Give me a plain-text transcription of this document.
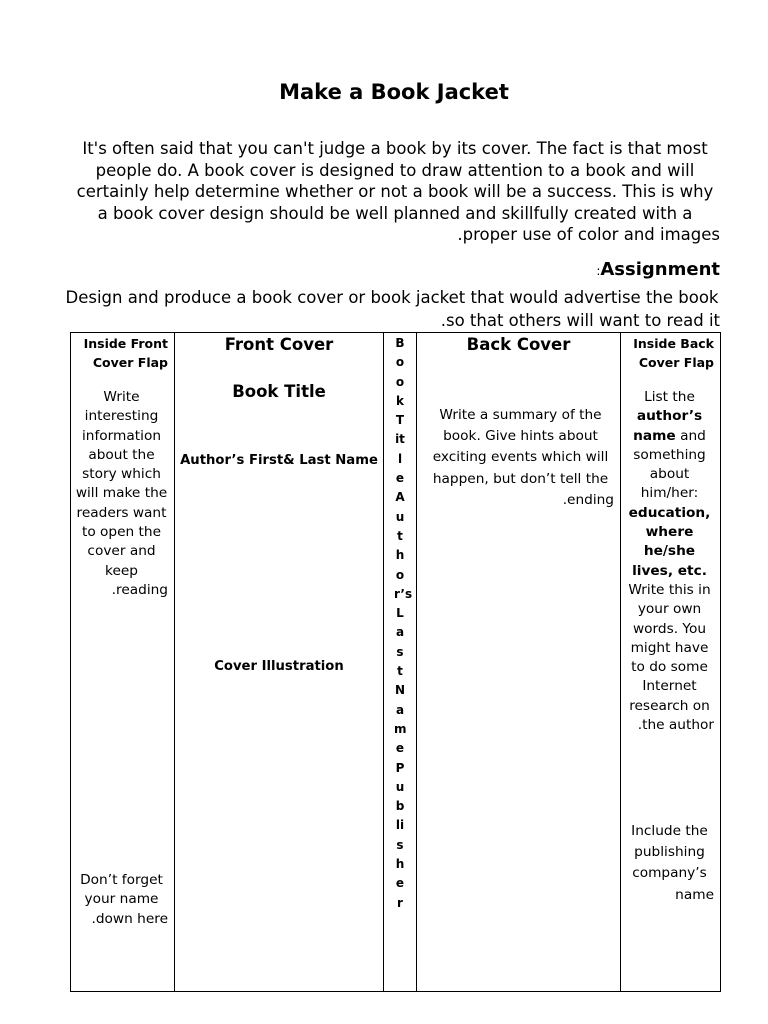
Make a Book Jacket
It's often said that you can't judge a book by its cover. The fact is that most people do. A book cover is designed to draw attention to a book and will certainly help determine whether or not a book will be a success. This is why a book cover design should be well planned and skillfully created with a proper use of color and images.
:Assignment
Design and produce a book cover or book jacket that would advertise the book so that others will want to read it.
Inside Front Cover Flap
Write interesting information about the story which will make the readers want to open the cover and keep reading.
Don’t forget your name down here.

Front Cover
Book Title
Author’s First& Last Name
Cover Illustration

Book Title Author’s Last Name Publisher

Back Cover
Write a summary of the book. Give hints about exciting events which will happen, but don’t tell the ending.

Inside Back Cover Flap
List the author’s name and something about him/her: education, where he/she lives, etc. Write this in your own words. You might have to do some Internet research on the author.
Include the publishing company’s name
